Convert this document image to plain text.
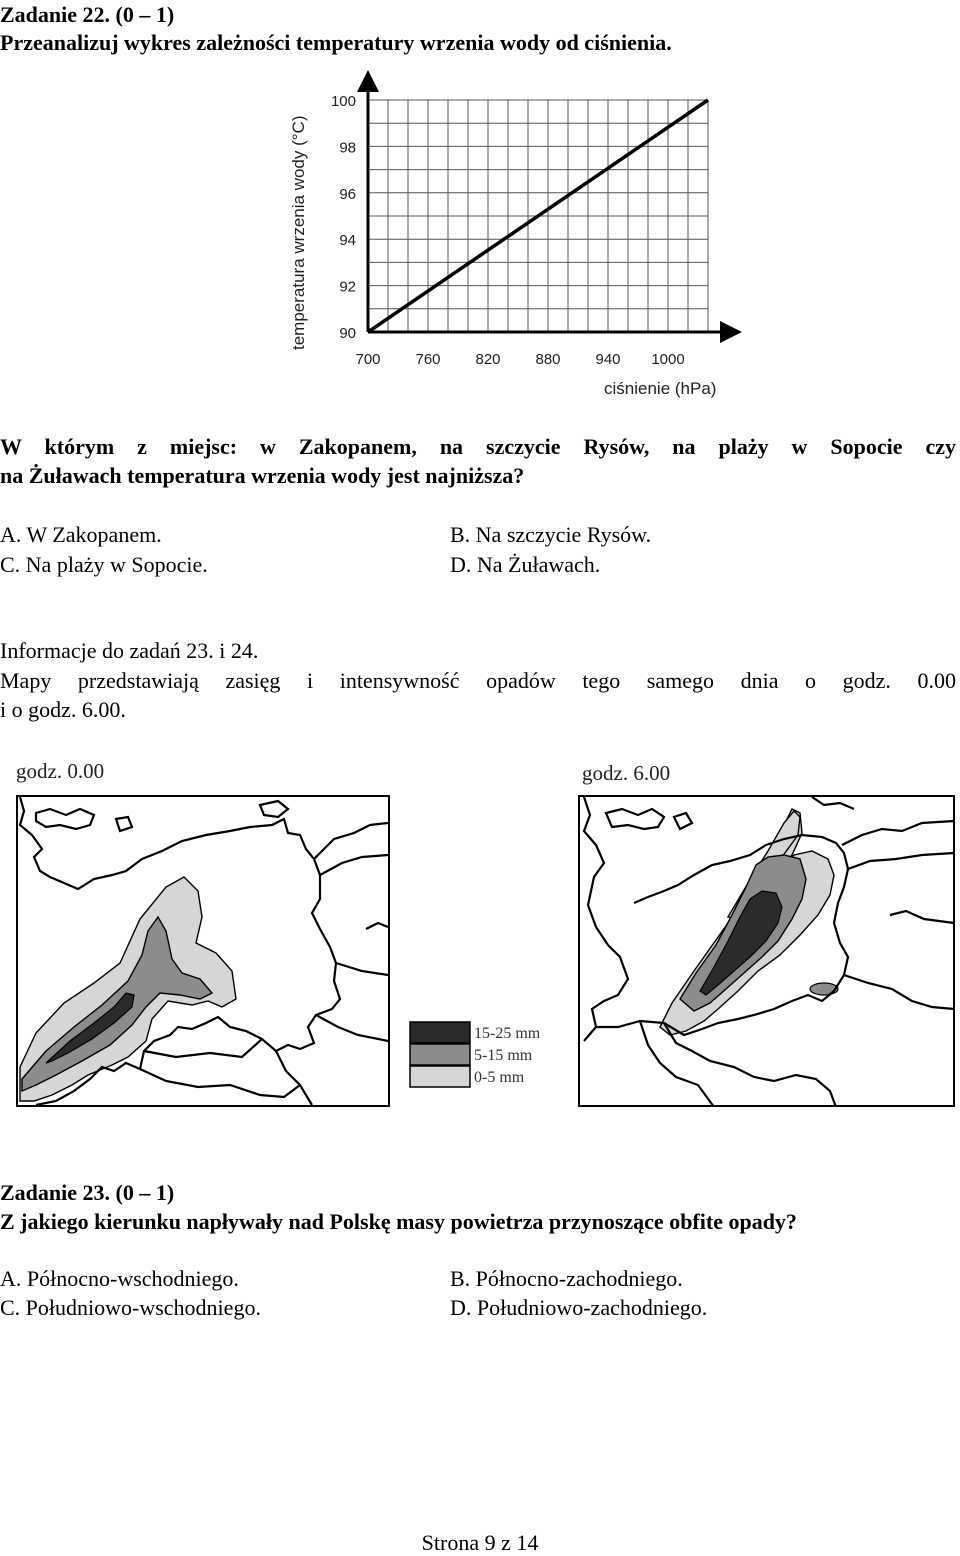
Zadanie 22. (0 – 1)
Przeanalizuj wykres zależności temperatury wrzenia wody od ciśnienia.
90
92
94
96
98
100
700 760 820 880 940 1000
temperatura wrzenia wody (°C)
ciśnienie (hPa)
W którym z miejsc: w Zakopanem, na szczycie Rysów, na plaży w Sopocie czy
na Żuławach temperatura wrzenia wody jest najniższa?
A. W Zakopanem.	B. Na szczycie Rysów.
C. Na plaży w Sopocie.	D. Na Żuławach.
Informacje do zadań 23. i 24.
Mapy przedstawiają zasięg i intensywność opadów tego samego dnia o godz. 0.00
i o godz. 6.00.
godz. 0.00	godz. 6.00
15-25 mm
5-15 mm
0-5 mm
Zadanie 23. (0 – 1)
Z jakiego kierunku napływały nad Polskę masy powietrza przynoszące obfite opady?
A. Północno-wschodniego.	B. Północno-zachodniego.
C. Południowo-wschodniego.	D. Południowo-zachodniego.
Strona 9 z 14
